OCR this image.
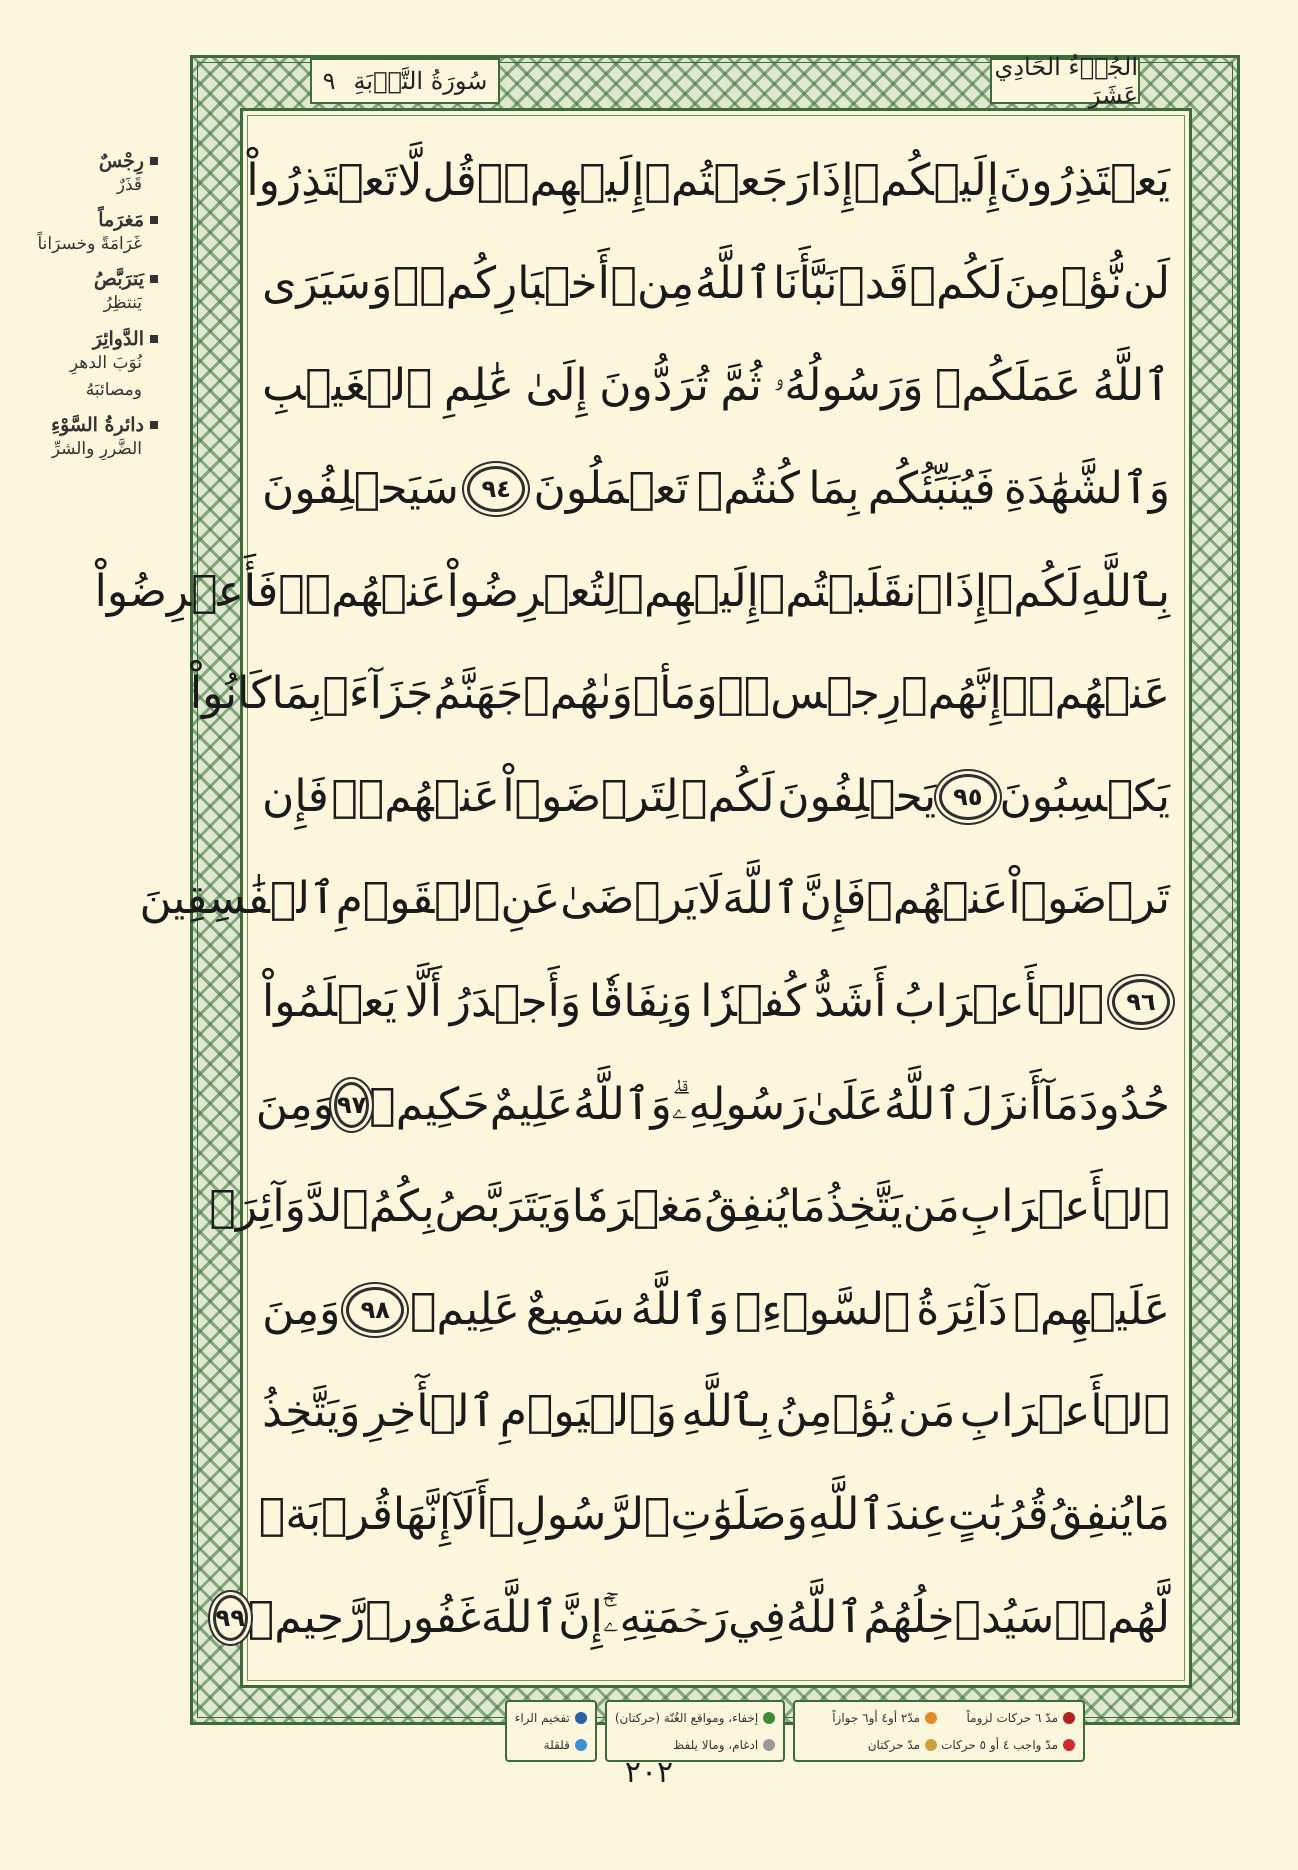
سُورَةُ التَّوۡبَةِ
٩	الجُزۡءُ الحَادِي عَشَرَ
يَعۡتَذِرُونَ
إِلَيۡكُمۡ
إِذَا
رَجَعۡتُمۡ
إِلَيۡهِمۡۚ
قُل
لَّا
تَعۡتَذِرُواْ
لَن
نُّؤۡمِنَ
لَكُمۡ
قَدۡ
نَبَّأَنَا
ٱللَّهُ
مِنۡ
أَخۡبَارِكُمۡۚ
وَسَيَرَى
ٱللَّهُ
عَمَلَكُمۡ
وَرَسُولُهُۥ
ثُمَّ
تُرَدُّونَ
إِلَىٰ
عَٰلِمِ
ٱلۡغَيۡبِ
وَٱلشَّهَٰدَةِ
فَيُنَبِّئُكُم
بِمَا
كُنتُمۡ
تَعۡمَلُونَ
٩٤
سَيَحۡلِفُونَ
بِٱللَّهِ
لَكُمۡ
إِذَا
ٱنقَلَبۡتُمۡ
إِلَيۡهِمۡ
لِتُعۡرِضُواْ
عَنۡهُمۡۖ
فَأَعۡرِضُواْ
عَنۡهُمۡۖ
إِنَّهُمۡ
رِجۡسٞۖ
وَمَأۡوَىٰهُمۡ
جَهَنَّمُ
جَزَآءَۢ
بِمَا
كَانُواْ
يَكۡسِبُونَ
٩٥
يَحۡلِفُونَ
لَكُمۡ
لِتَرۡضَوۡاْ
عَنۡهُمۡۖ
فَإِن
تَرۡضَوۡاْ
عَنۡهُمۡ
فَإِنَّ
ٱللَّهَ
لَا
يَرۡضَىٰ
عَنِ
ٱلۡقَوۡمِ
ٱلۡفَٰسِقِينَ
٩٦
ٱلۡأَعۡرَابُ
أَشَدُّ
كُفۡرٗا
وَنِفَاقٗا
وَأَجۡدَرُ
أَلَّا
يَعۡلَمُواْ
حُدُودَ
مَآ
أَنزَلَ
ٱللَّهُ
عَلَىٰ
رَسُولِهِۦۗ
وَٱللَّهُ
عَلِيمٌ
حَكِيمٞ
٩٧
وَمِنَ
ٱلۡأَعۡرَابِ
مَن
يَتَّخِذُ
مَا
يُنفِقُ
مَغۡرَمٗا
وَيَتَرَبَّصُ
بِكُمُ
ٱلدَّوَآئِرَۚ
عَلَيۡهِمۡ
دَآئِرَةُ
ٱلسَّوۡءِۗ
وَٱللَّهُ
سَمِيعٌ
عَلِيمٞ
٩٨
وَمِنَ
ٱلۡأَعۡرَابِ
مَن
يُؤۡمِنُ
بِٱللَّهِ
وَٱلۡيَوۡمِ
ٱلۡأٓخِرِ
وَيَتَّخِذُ
مَا
يُنفِقُ
قُرُبَٰتٍ
عِندَ
ٱللَّهِ
وَصَلَوَٰتِ
ٱلرَّسُولِۚ
أَلَآ
إِنَّهَا
قُرۡبَةٞ
لَّهُمۡۚ
سَيُدۡخِلُهُمُ
ٱللَّهُ
فِي
رَحۡمَتِهِۦٓۚ
إِنَّ
ٱللَّهَ
غَفُورٞ
رَّحِيمٞ
٩٩
رِجْسٌ
قَذَرٌ
مَغرَماً
غَرَامَةً وخسرَاناً
يَترَبَّصُ
يَنتظِرُ
الدَّوائِرَ
نُوَبَ الدهرِ ومصائبَهُ
دائرةُ السَّوْءِ
الضَّررِ والشرِّ
مدّ ٦ حركات لزوماً
مدّ٢ أو٤ أو٦ جوازاً
مدّ واجب ٤ أو ٥ حركات
مدّ حركتان
إخفاء، ومواقع الغُنّة (حركتان)
ادغام، ومالا يلفظ
تفخيم الراء
قلقلة
٢٠٢
